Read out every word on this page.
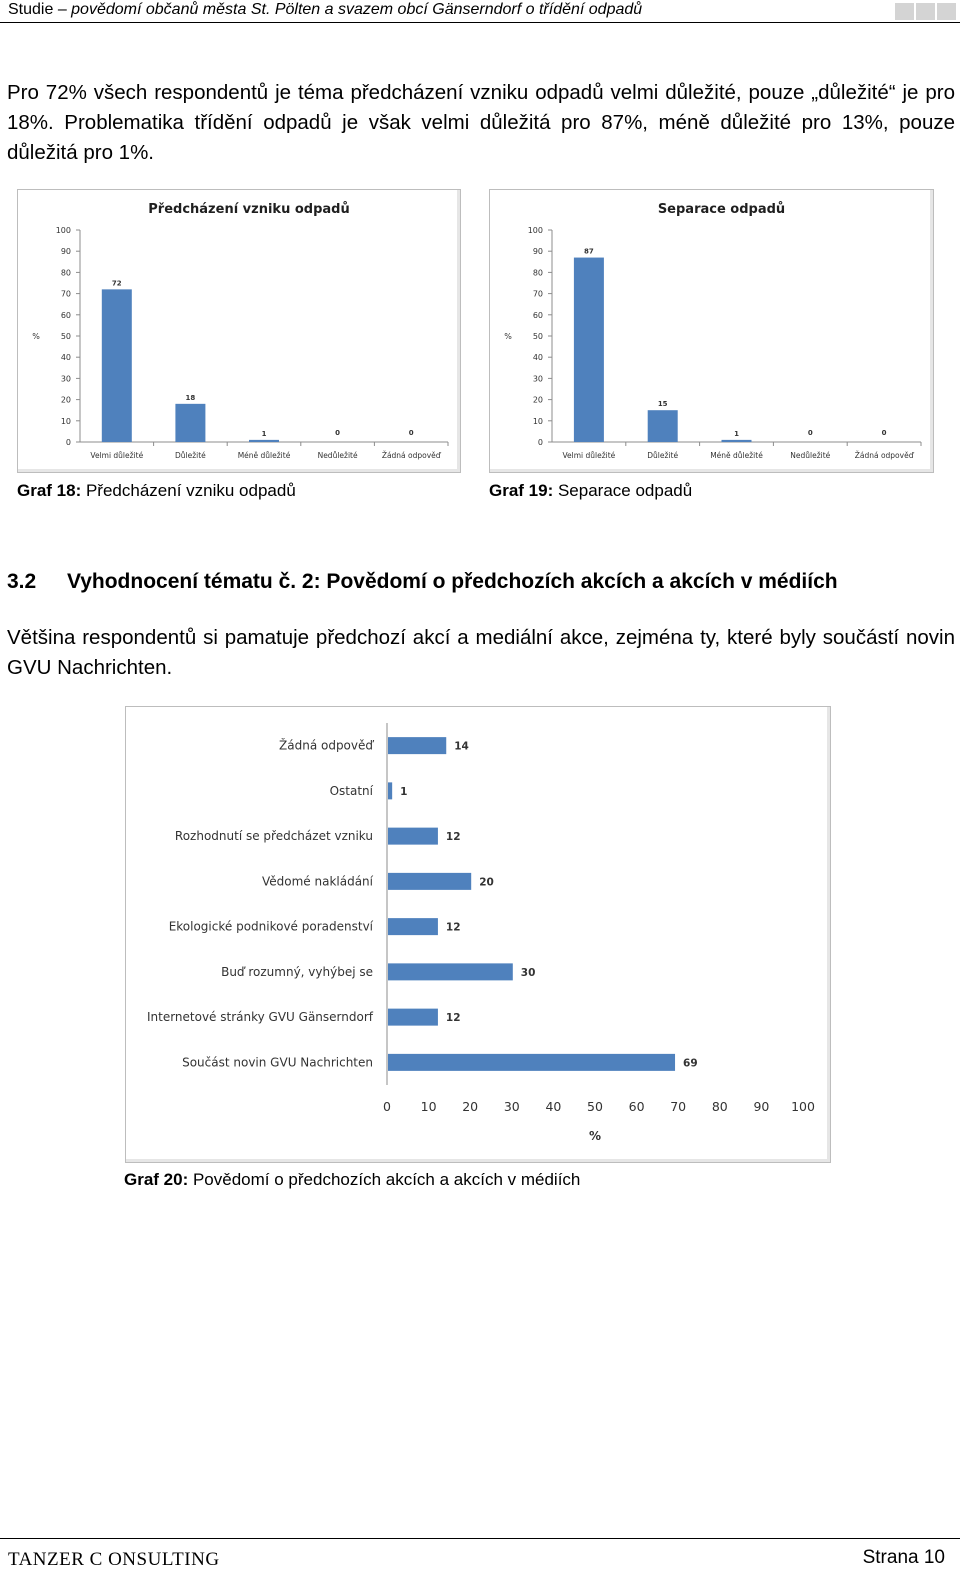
Studie – povědomí občanů města St. Pölten a svazem obcí Gänserndorf o třídění odpadů

Pro 72% všech respondentů je téma předcházení vzniku odpadů velmi důležité, pouze „důležité“ je pro 18%. Problematika třídění odpadů je však velmi důležitá pro 87%, méně důležité pro 13%, pouze důležitá pro 1%.

Předcházení vzniku odpadů
0
10
20
30
40
50
60
70
80
90
100
%
72
Velmi důležité
18
Důležité
1
Méně důležité
0
Nedůležité
0
Žádná odpověď
Separace odpadů
0
10
20
30
40
50
60
70
80
90
100
%
87
Velmi důležité
15
Důležité
1
Méně důležité
0
Nedůležité
0
Žádná odpověď
Graf 18: Předcházení vzniku odpadů	Graf 19: Separace odpadů
3.2 Vyhodnocení tématu č. 2: Povědomí o předchozích akcích a akcích v médiích

Většina respondentů si pamatuje předchozí akcí a mediální akce, zejména ty, které byly součástí novin GVU Nachrichten.

14
Žádná odpověď
1
Ostatní
12
Rozhodnutí se předcházet vzniku
20
Vědomé nakládání
12
Ekologické podnikové poradenství
30
Buď rozumný, vyhýbej se
12
Internetové stránky GVU Gänserndorf
69
Součást novin GVU Nachrichten
0 10 20 30 40 50 60 70 80 90 100
%
Graf 20: Povědomí o předchozích akcích a akcích v médiích
TANZER C ONSULTING	Strana 10
